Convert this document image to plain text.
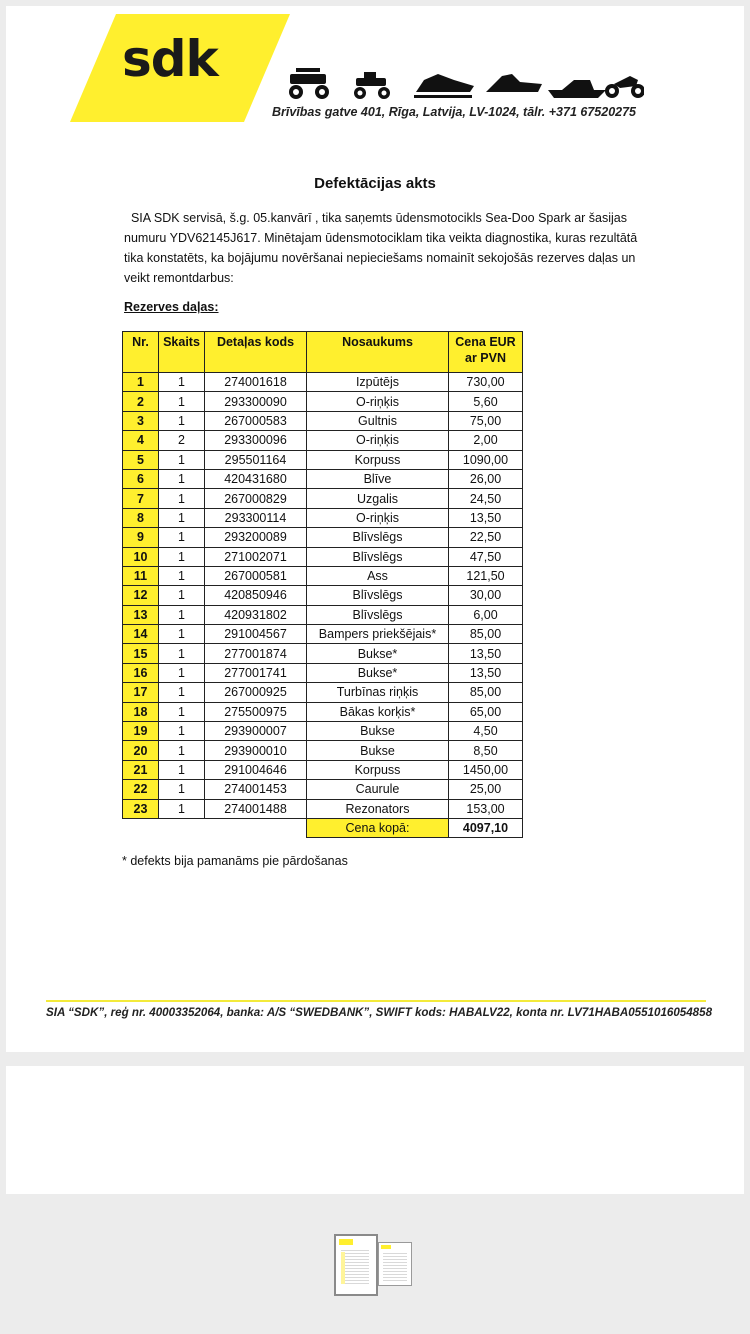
sdk
Brīvības gatve 401, Rīga, Latvija, LV-1024, tālr. +371 67520275
Defektācijas akts
SIA SDK servisā, š.g. 05.kanvārī , tika saņemts ūdensmotocikls Sea-Doo Spark ar šasijas numuru YDV62145J617. Minētajam ūdensmotociklam tika veikta diagnostika, kuras rezultātā tika konstatēts, ka bojājumu novēršanai nepieciešams nomainīt sekojošās rezerves daļas un veikt remontdarbus:
Rezerves daļas:
Nr.	Skaits	Detaļas kods	Nosaukums	Cena EUR
ar PVN
1	1	274001618	Izpūtējs	730,00
2	1	293300090	O-riņķis	5,60
3	1	267000583	Gultnis	75,00
4	2	293300096	O-riņķis	2,00
5	1	295501164	Korpuss	1090,00
6	1	420431680	Blīve	26,00
7	1	267000829	Uzgalis	24,50
8	1	293300114	O-riņķis	13,50
9	1	293200089	Blīvslēgs	22,50
10	1	271002071	Blīvslēgs	47,50
11	1	267000581	Ass	121,50
12	1	420850946	Blīvslēgs	30,00
13	1	420931802	Blīvslēgs	6,00
14	1	291004567	Bampers priekšējais*	85,00
15	1	277001874	Bukse*	13,50
16	1	277001741	Bukse*	13,50
17	1	267000925	Turbīnas riņķis	85,00
18	1	275500975	Bākas korķis*	65,00
19	1	293900007	Bukse	4,50
20	1	293900010	Bukse	8,50
21	1	291004646	Korpuss	1450,00
22	1	274001453	Caurule	25,00
23	1	274001488	Rezonators	153,00
			Cena kopā:	4097,10
* defekts bija pamanāms pie pārdošanas
SIA “SDK”, reģ nr. 40003352064, banka: A/S “SWEDBANK”, SWIFT kods: HABALV22, konta nr. LV71HABA0551016054858
